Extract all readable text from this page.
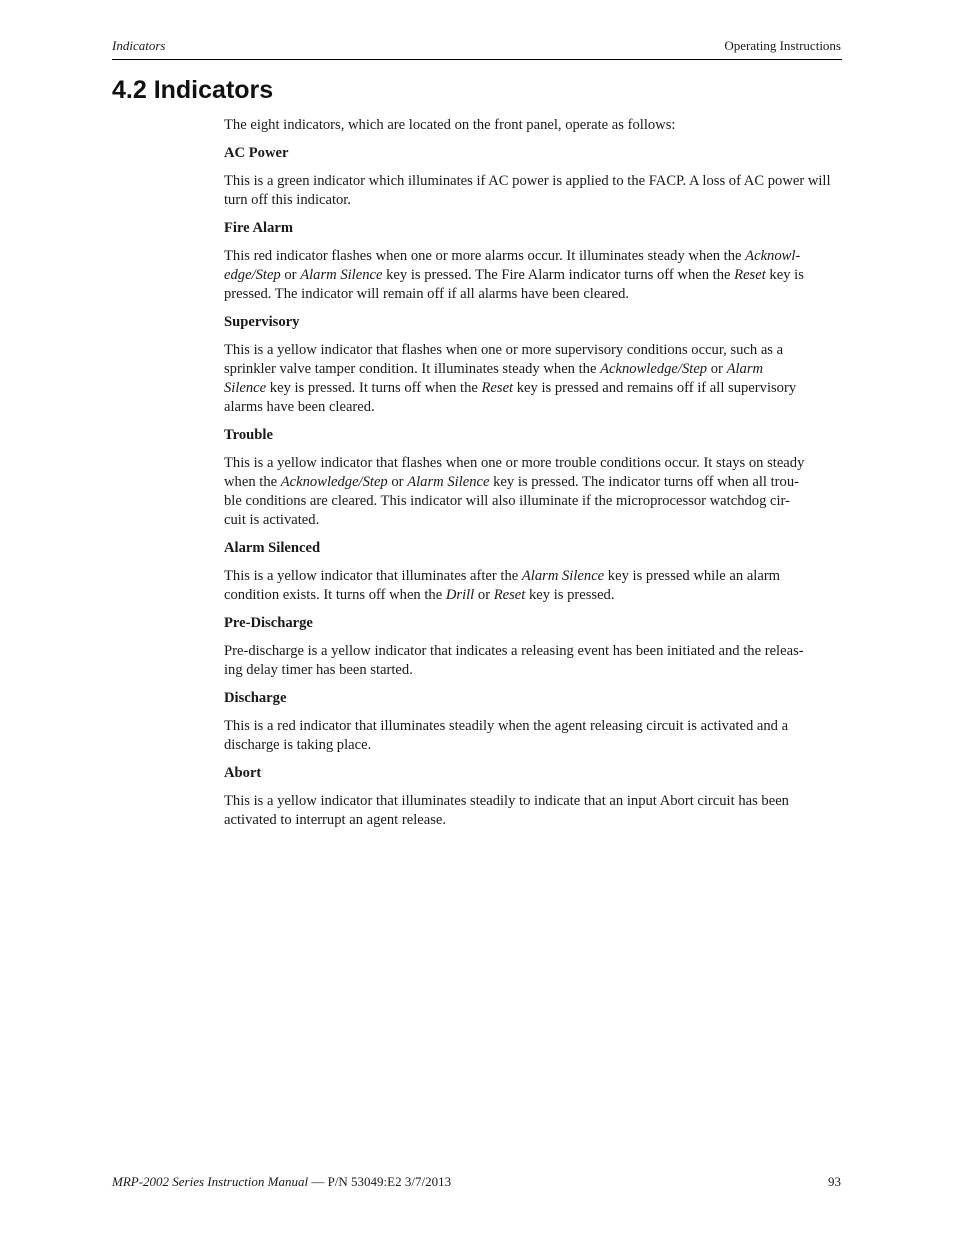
Indicators	Operating Instructions
4.2 Indicators

The eight indicators, which are located on the front panel, operate as follows:

AC Power

This is a green indicator which illuminates if AC power is applied to the FACP. A loss of AC power will turn off this indicator.

Fire Alarm

This red indicator flashes when one or more alarms occur. It illuminates steady when the Acknowl-
edge/Step or Alarm Silence key is pressed. The Fire Alarm indicator turns off when the Reset key is
pressed. The indicator will remain off if all alarms have been cleared.

Supervisory

This is a yellow indicator that flashes when one or more supervisory conditions occur, such as a
sprinkler valve tamper condition. It illuminates steady when the Acknowledge/Step or Alarm
Silence key is pressed. It turns off when the Reset key is pressed and remains off if all supervisory
alarms have been cleared.

Trouble

This is a yellow indicator that flashes when one or more trouble conditions occur. It stays on steady
when the Acknowledge/Step or Alarm Silence key is pressed. The indicator turns off when all trou-
ble conditions are cleared. This indicator will also illuminate if the microprocessor watchdog cir-
cuit is activated.

Alarm Silenced

This is a yellow indicator that illuminates after the Alarm Silence key is pressed while an alarm
condition exists. It turns off when the Drill or Reset key is pressed.

Pre-Discharge

Pre-discharge is a yellow indicator that indicates a releasing event has been initiated and the releas-
ing delay timer has been started.

Discharge

This is a red indicator that illuminates steadily when the agent releasing circuit is activated and a
discharge is taking place.

Abort

This is a yellow indicator that illuminates steadily to indicate that an input Abort circuit has been
activated to interrupt an agent release.

MRP-2002 Series Instruction Manual — P/N 53049:E2 3/7/2013	93
